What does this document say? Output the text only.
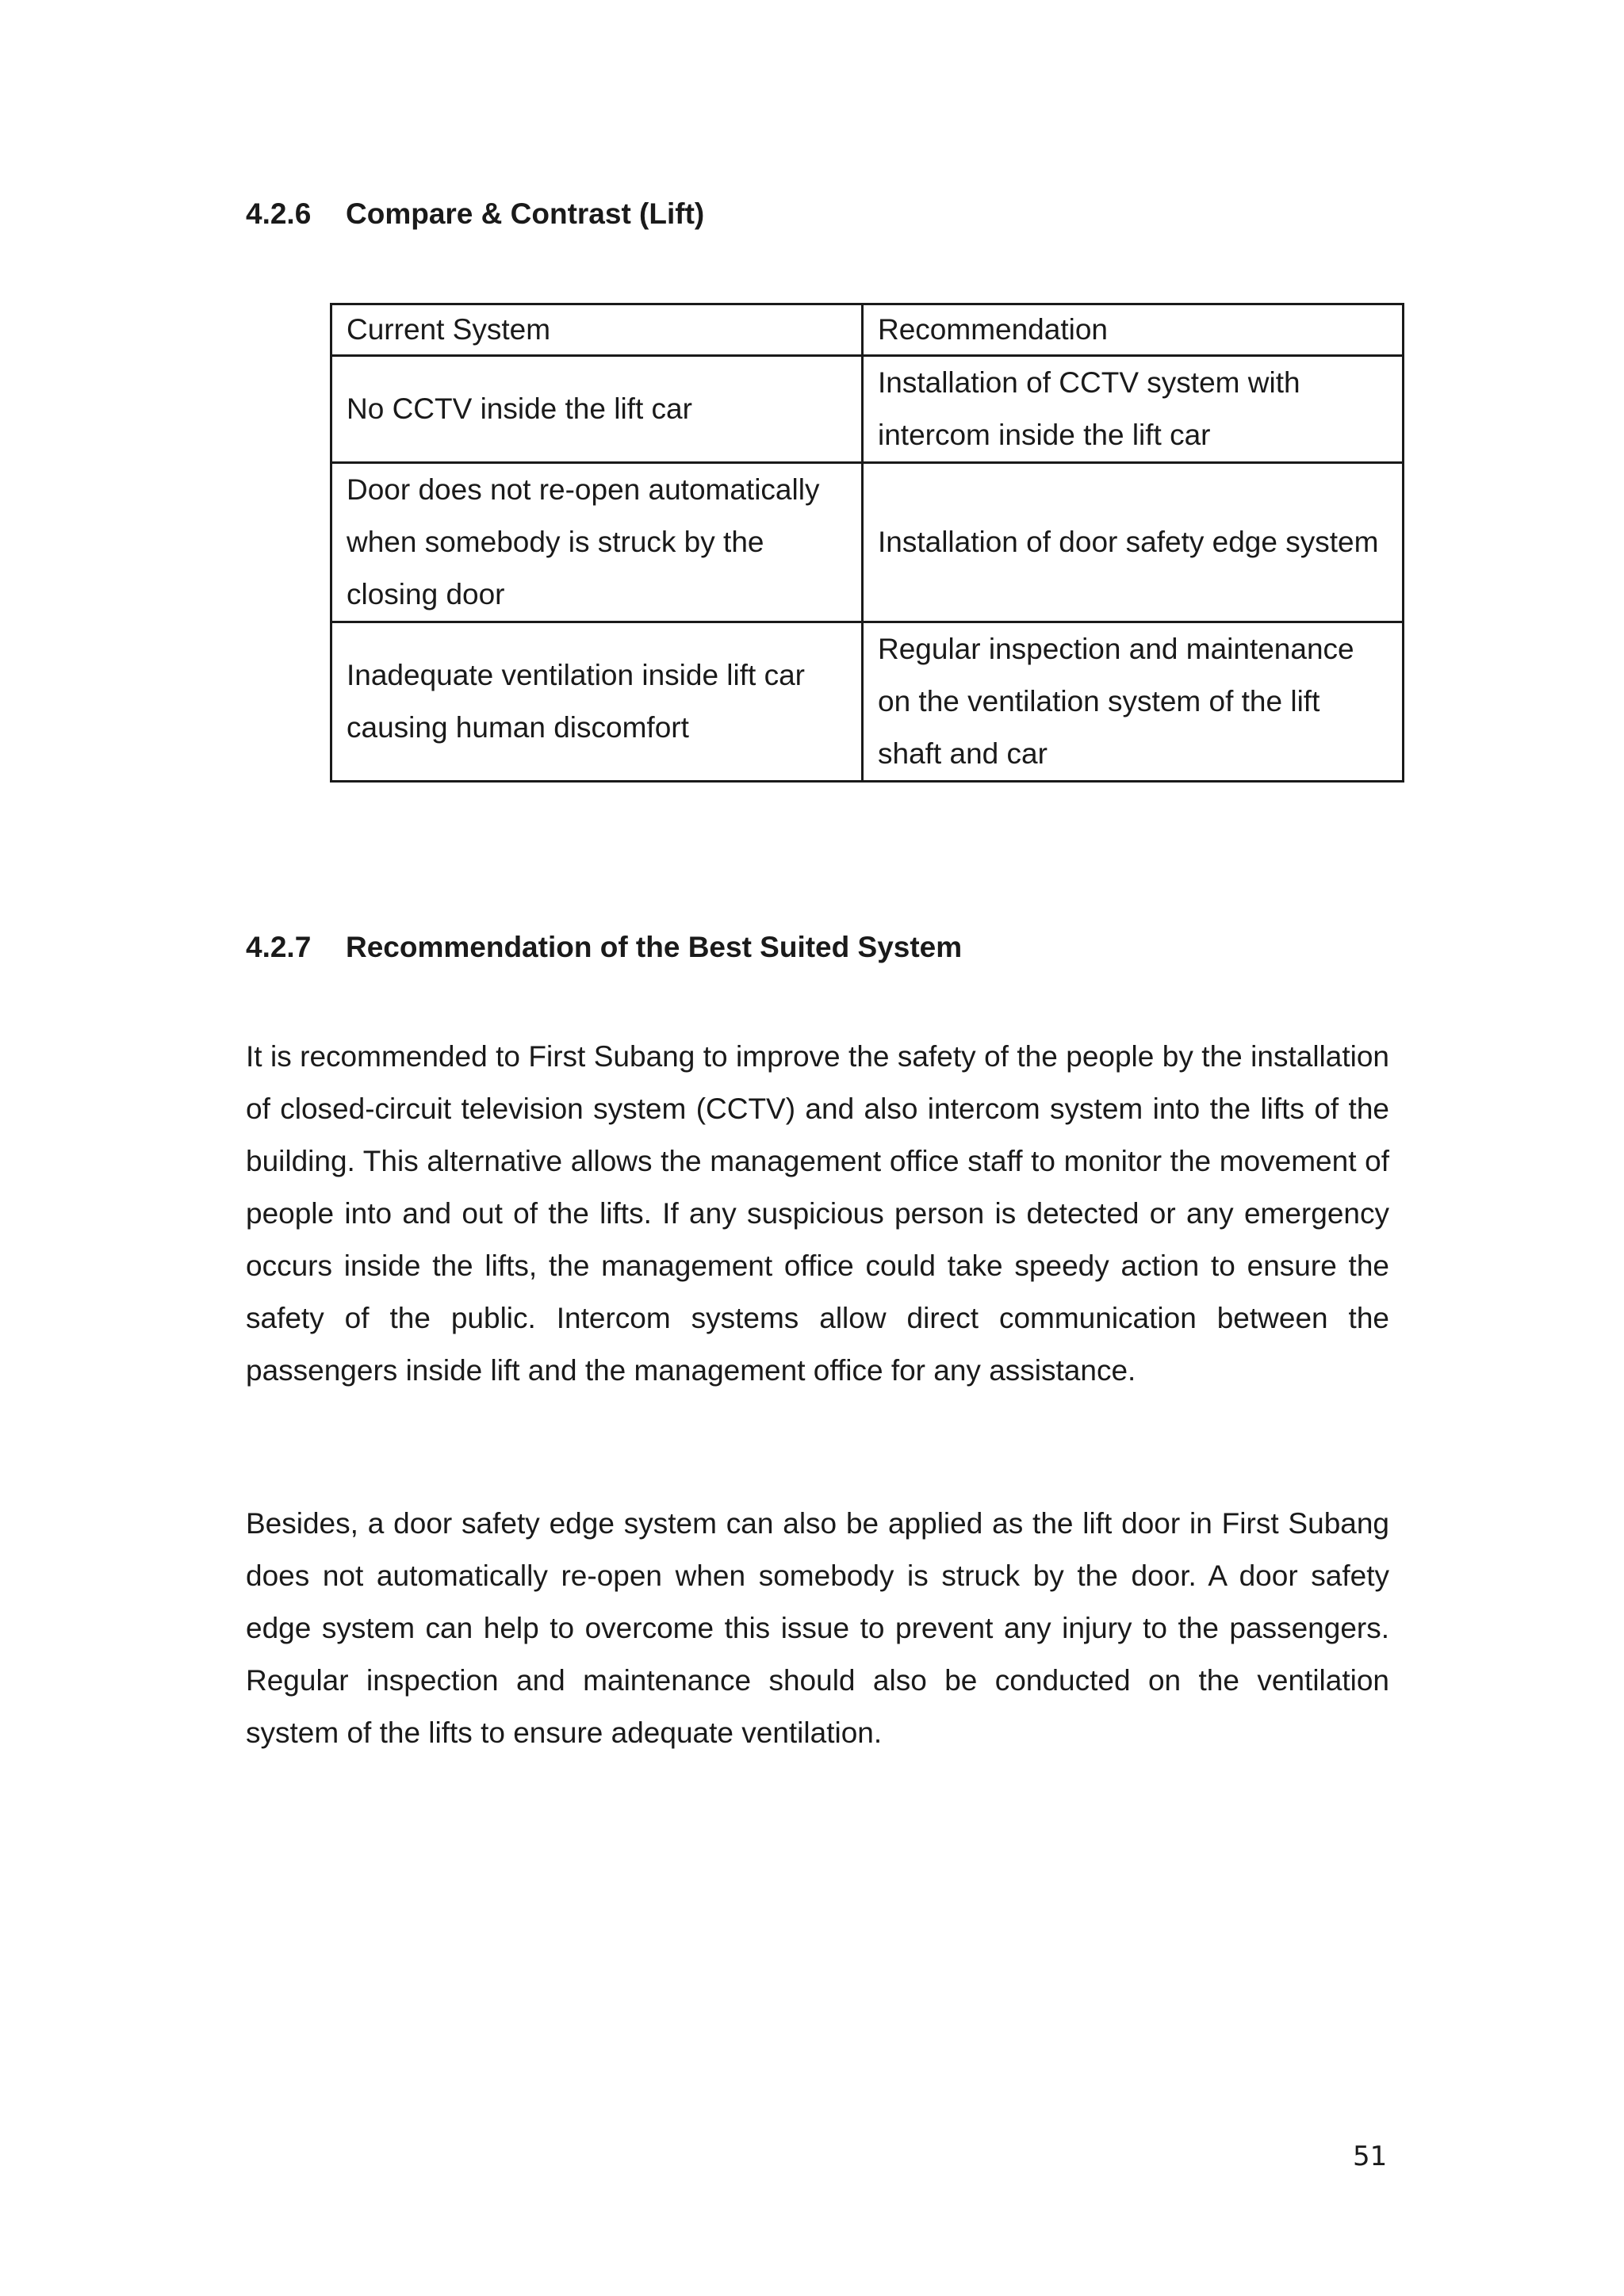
4.2.6 Compare & Contrast (Lift)
Current System	Recommendation
No CCTV inside the lift car	Installation of CCTV system with intercom inside the lift car
Door does not re-open automatically when somebody is struck by the closing door	Installation of door safety edge system
Inadequate ventilation inside lift car causing human discomfort	Regular inspection and maintenance on the ventilation system of the lift shaft and car
4.2.7 Recommendation of the Best Suited System

It is recommended to First Subang to improve the safety of the people by the installation of closed-circuit television system (CCTV) and also intercom system into the lifts of the building. This alternative allows the management office staff to monitor the movement of people into and out of the lifts. If any suspicious person is detected or any emergency occurs inside the lifts, the management office could take speedy action to ensure the safety of the public. Intercom systems allow direct communication between the passengers inside lift and the management office for any assistance.

Besides, a door safety edge system can also be applied as the lift door in First Subang does not automatically re-open when somebody is struck by the door. A door safety edge system can help to overcome this issue to prevent any injury to the passengers. Regular inspection and maintenance should also be conducted on the ventilation system of the lifts to ensure adequate ventilation.

51
